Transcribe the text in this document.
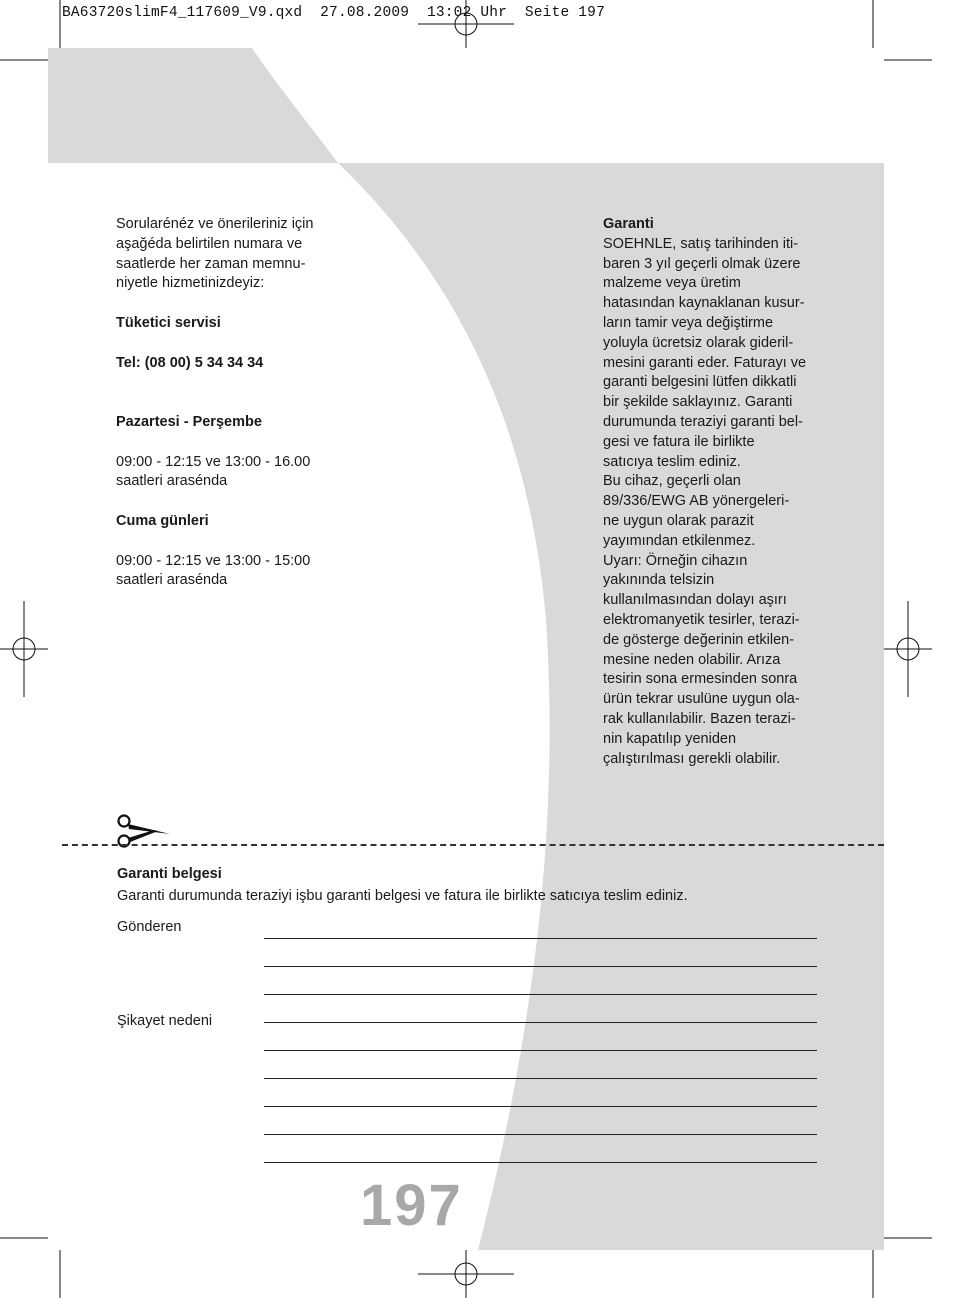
BA63720slimF4_117609_V9.qxd  27.08.2009  13:02 Uhr  Seite 197

Sorularénéz ve önerileriniz için

aşağéda belirtilen numara ve

saatlerde her zaman memnu-

niyetle hizmetinizdeyiz:

Tüketici servisi

Tel: (08 00) 5 34 34 34

Pazartesi - Perşembe

09:00 - 12:15 ve 13:00 - 16.00

saatleri arasénda

Cuma günleri

09:00 - 12:15 ve 13:00 - 15:00

saatleri arasénda

Garanti

SOEHNLE, satış tarihinden iti-

baren 3 yıl geçerli olmak üzere

malzeme veya üretim

hatasından kaynaklanan kusur-

ların tamir veya değiştirme

yoluyla ücretsiz olarak gideril-

mesini garanti eder. Faturayı ve

garanti belgesini lütfen dikkatli

bir şekilde saklayınız. Garanti

durumunda teraziyi garanti bel-

gesi ve fatura ile birlikte

satıcıya teslim ediniz.

Bu cihaz, geçerli olan

89/336/EWG AB yönergeleri-

ne uygun olarak parazit

yayımından etkilenmez.

Uyarı: Örneğin cihazın

yakınında telsizin

kullanılmasından dolayı aşırı

elektromanyetik tesirler, terazi-

de gösterge değerinin etkilen-

mesine neden olabilir. Arıza

tesirin sona ermesinden sonra

ürün tekrar usulüne uygun ola-

rak kullanılabilir. Bazen terazi-

nin kapatılıp yeniden

çalıştırılması gerekli olabilir.

Garanti belgesi
Garanti durumunda teraziyi işbu garanti belgesi ve fatura ile birlikte satıcıya teslim ediniz.
Gönderen
Şikayet nedeni
197
